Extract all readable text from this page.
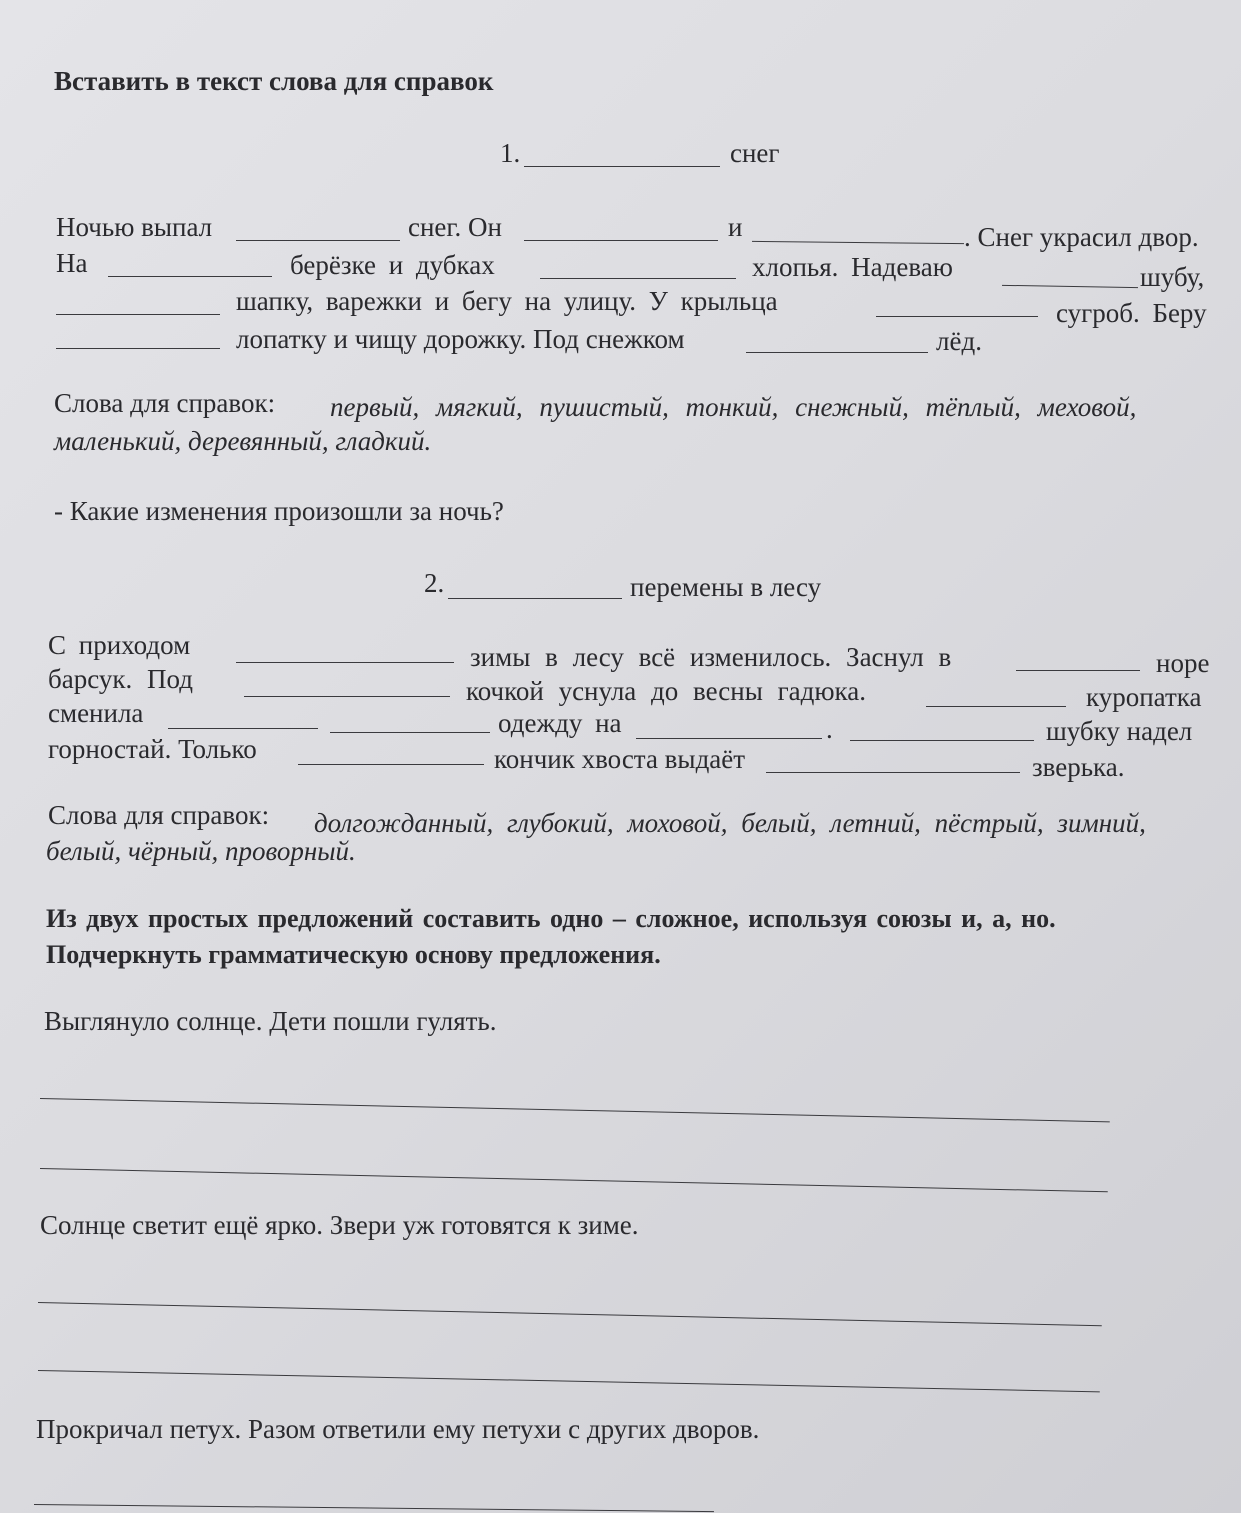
Вставить в текст слова для справок
1.	снег
Ночью выпал	снег. Он	и	. Снег украсил двор.
На	берёзке и дубках	хлопья. Надеваю	шубу,
шапку, варежки и бегу на улицу. У крыльца	сугроб. Беру
лопатку и чищу дорожку. Под снежком	лёд.
Слова для справок: первый, мягкий, пушистый, тонкий, снежный, тёплый, меховой,
маленький, деревянный, гладкий.
- Какие изменения произошли за ночь?
2.	перемены в лесу
С приходом	зимы в лесу всё изменилось. Заснул в	норе
барсук. Под	кочкой уснула до весны гадюка.	куропатка
сменила	одежду на	.	шубку надел
горностай. Только	кончик хвоста выдаёт	зверька.
Слова для справок: долгожданный, глубокий, моховой, белый, летний, пёстрый, зимний,
белый, чёрный, проворный.
Из двух простых предложений составить одно – сложное, используя союзы и, а, но.
Подчеркнуть грамматическую основу предложения.
Выглянуло солнце. Дети пошли гулять.
Солнце светит ещё ярко. Звери уж готовятся к зиме.
Прокричал петух. Разом ответили ему петухи с других дворов.
